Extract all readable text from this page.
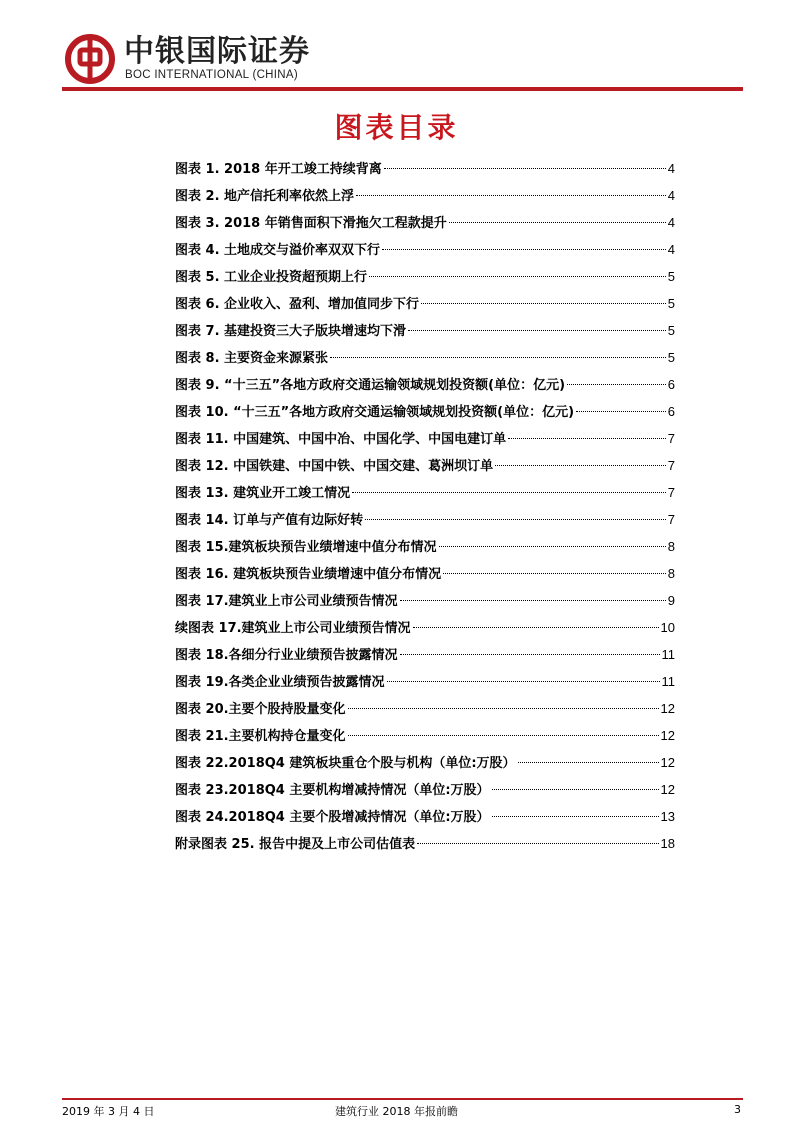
中银国际证券
BOC INTERNATIONAL (CHINA)
图表目录
图表 1. 2018 年开工竣工持续背离	4
图表 2. 地产信托利率依然上浮	4
图表 3. 2018 年销售面积下滑拖欠工程款提升	4
图表 4. 土地成交与溢价率双双下行	4
图表 5. 工业企业投资超预期上行	5
图表 6. 企业收入、盈利、增加值同步下行	5
图表 7. 基建投资三大子版块增速均下滑	5
图表 8. 主要资金来源紧张	5
图表 9. “十三五”各地方政府交通运输领域规划投资额(单位：亿元)	6
图表 10. “十三五”各地方政府交通运输领域规划投资额(单位：亿元)	6
图表 11. 中国建筑、中国中冶、中国化学、中国电建订单	7
图表 12. 中国铁建、中国中铁、中国交建、葛洲坝订单	7
图表 13. 建筑业开工竣工情况	7
图表 14. 订单与产值有边际好转	7
图表 15.建筑板块预告业绩增速中值分布情况	8
图表 16. 建筑板块预告业绩增速中值分布情况	8
图表 17.建筑业上市公司业绩预告情况	9
续图表 17.建筑业上市公司业绩预告情况	10
图表 18.各细分行业业绩预告披露情况	11
图表 19.各类企业业绩预告披露情况	11
图表 20.主要个股持股量变化	12
图表 21.主要机构持仓量变化	12
图表 22.2018Q4 建筑板块重仓个股与机构（单位:万股）	12
图表 23.2018Q4 主要机构增减持情况（单位:万股）	12
图表 24.2018Q4 主要个股增减持情况（单位:万股）	13
附录图表 25. 报告中提及上市公司估值表	18
2019 年 3 月 4 日	建筑行业 2018 年报前瞻	3
